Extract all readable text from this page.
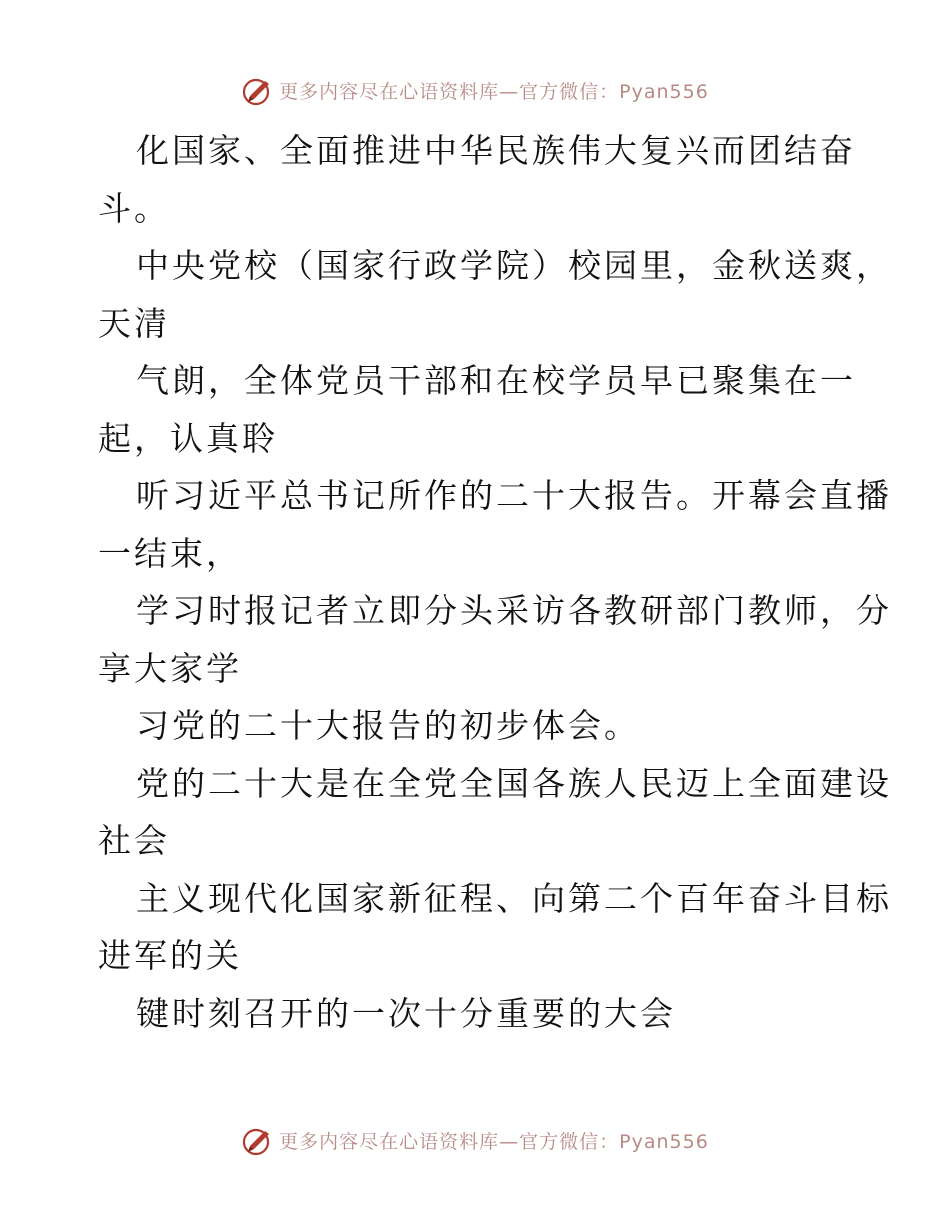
更多内容尽在心语资料库—官方微信：Pyan556
化国家、全面推进中华民族伟大复兴而团结奋
斗。
中央党校（国家行政学院）校园里，金秋送爽，
天清
气朗，全体党员干部和在校学员早已聚集在一
起，认真聆
听习近平总书记所作的二十大报告。开幕会直播
一结束，
学习时报记者立即分头采访各教研部门教师，分
享大家学
习党的二十大报告的初步体会。
党的二十大是在全党全国各族人民迈上全面建设
社会
主义现代化国家新征程、向第二个百年奋斗目标
进军的关
键时刻召开的一次十分重要的大会
更多内容尽在心语资料库—官方微信：Pyan556
